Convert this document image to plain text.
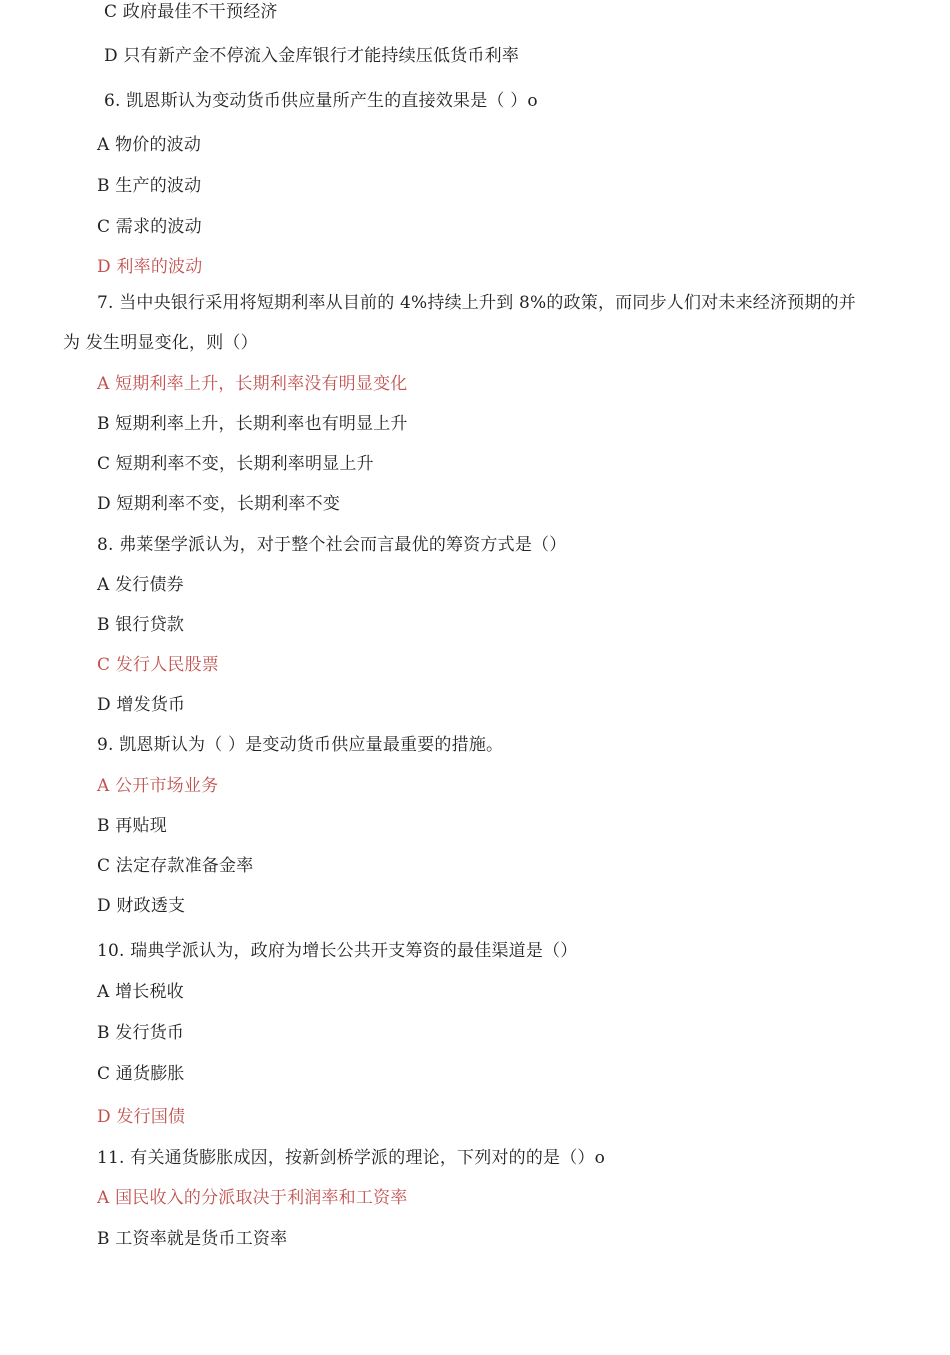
C 政府最佳不干预经济
D 只有新产金不停流入金库银行才能持续压低货币利率
6. 凯恩斯认为变动货币供应量所产生的直接效果是（ ）o
A 物价的波动
B 生产的波动
C 需求的波动
D 利率的波动
7. 当中央银行采用将短期利率从目前的 4%持续上升到 8%的政策，而同步人们对未来经济预期的并
为 发生明显变化，则（）
A 短期利率上升，长期利率没有明显变化
B 短期利率上升，长期利率也有明显上升
C 短期利率不变，长期利率明显上升
D 短期利率不变，长期利率不变
8. 弗莱堡学派认为，对于整个社会而言最优的筹资方式是（）
A 发行债券
B 银行贷款
C 发行人民股票
D 增发货币
9. 凯恩斯认为（ ）是变动货币供应量最重要的措施。
A 公开市场业务
B 再贴现
C 法定存款准备金率
D 财政透支
10. 瑞典学派认为，政府为增长公共开支筹资的最佳渠道是（）
A 增长税收
B 发行货币
C 通货膨胀
D 发行国债
11. 有关通货膨胀成因，按新剑桥学派的理论，下列对的的是（）o
A 国民收入的分派取决于利润率和工资率
B 工资率就是货币工资率
